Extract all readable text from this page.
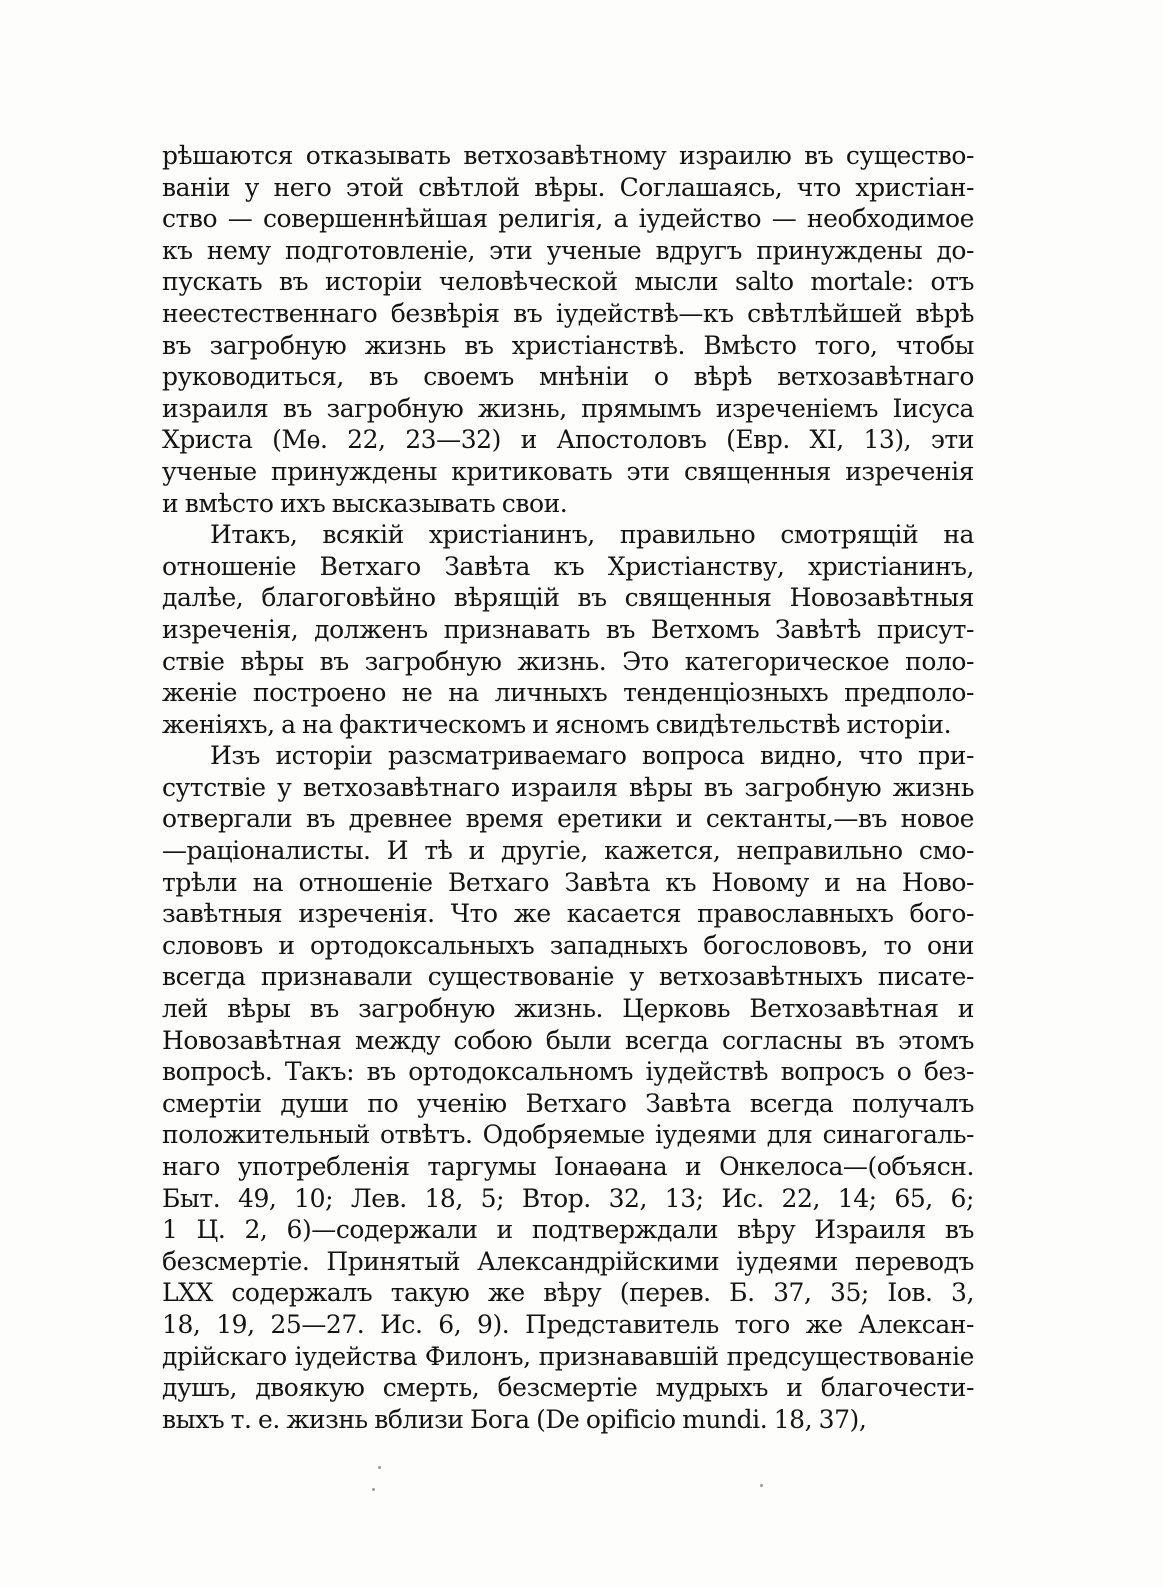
рѣшаются отказывать ветхозавѣтному израилю въ существо-
ваніи у него этой свѣтлой вѣры. Соглашаясь, что христіан-
ство — совершеннѣйшая религія, а іудейство — необходимое
къ нему подготовленіе, эти ученые вдругъ принуждены до-
пускать въ исторіи человѣческой мысли salto mortale: отъ
неестественнаго безвѣрія въ іудействѣ—къ свѣтлѣйшей вѣрѣ
въ загробную жизнь въ христіанствѣ. Вмѣсто того, чтобы
руководиться, въ своемъ мнѣніи о вѣрѣ ветхозавѣтнаго
израиля въ загробную жизнь, прямымъ изреченіемъ Іисуса
Христа (Мѳ. 22, 23—32) и Апостоловъ (Евр. XI, 13), эти
ученые принуждены критиковать эти священныя изреченія
и вмѣсто ихъ высказывать свои.
Итакъ, всякій христіанинъ, правильно смотрящій на
отношеніе Ветхаго Завѣта къ Христіанству, христіанинъ,
далѣе, благоговѣйно вѣрящій въ священныя Новозавѣтныя
изреченія, долженъ признавать въ Ветхомъ Завѣтѣ присут-
ствіе вѣры въ загробную жизнь. Это категорическое поло-
женіе построено не на личныхъ тенденціозныхъ предполо-
женіяхъ, а на фактическомъ и ясномъ свидѣтельствѣ исторіи.
Изъ исторіи разсматриваемаго вопроса видно, что при-
сутствіе у ветхозавѣтнаго израиля вѣры въ загробную жизнь
отвергали въ древнее время еретики и сектанты,—въ новое
—раціоналисты. И тѣ и другіе, кажется, неправильно смо-
трѣли на отношеніе Ветхаго Завѣта къ Новому и на Ново-
завѣтныя изреченія. Что же касается православныхъ бого-
слововъ и ортодоксальныхъ западныхъ богослововъ, то они
всегда признавали существованіе у ветхозавѣтныхъ писате-
лей вѣры въ загробную жизнь. Церковь Ветхозавѣтная и
Новозавѣтная между собою были всегда согласны въ этомъ
вопросѣ. Такъ: въ ортодоксальномъ іудействѣ вопросъ о без-
смертіи души по ученію Ветхаго Завѣта всегда получалъ
положительный отвѣтъ. Одобряемые іудеями для синагогаль-
наго употребленія таргумы Іонаѳана и Онкелоса—(объясн.
Быт. 49, 10; Лев. 18, 5; Втор. 32, 13; Ис. 22, 14; 65, 6;
1 Ц. 2, 6)—содержали и подтверждали вѣру Израиля въ
безсмертіе. Принятый Александрійскими іудеями переводъ
LXX содержалъ такую же вѣру (перев. Б. 37, 35; Іов. 3,
18, 19, 25—27. Ис. 6, 9). Представитель того же Алексан-
дрійскаго іудейства Филонъ, признававшій предсуществованіе
душъ, двоякую смерть, безсмертіе мудрыхъ и благочести-
выхъ т. е. жизнь вблизи Бога (De opificio mundi. 18, 37),
